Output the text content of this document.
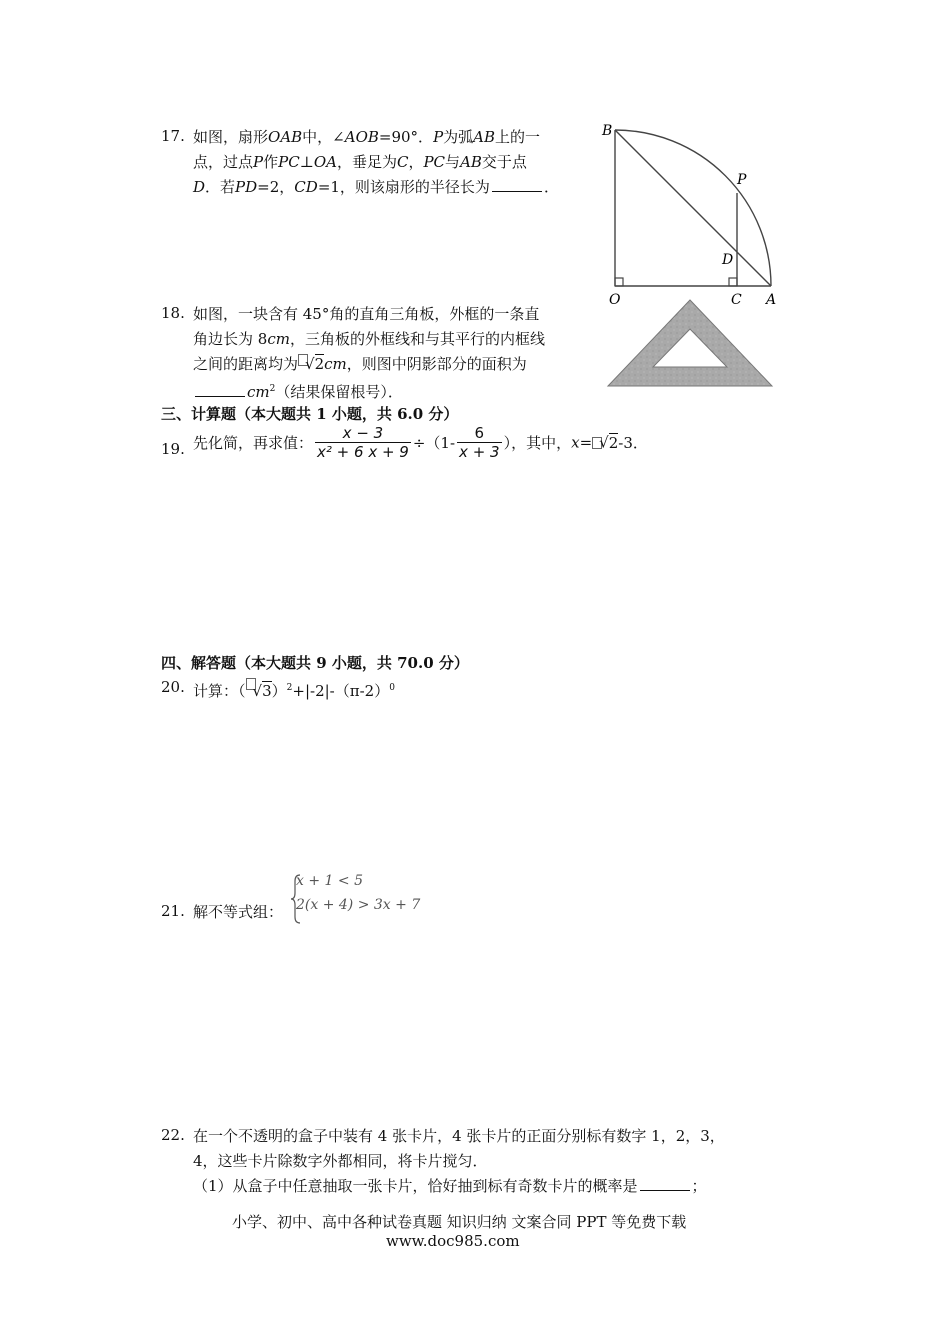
17. 如图，扇形OAB中，∠AOB=90°．P为弧AB上的一
点，过点P作PC⊥OA，垂足为C，PC与AB交于点
D．若PD=2，CD=1，则该扇形的半径长为	．
B
P
D
O	C A
18. 如图，一块含有 45°角的直角三角板，外框的一条直
角边长为 8cm，三角板的外框线和与其平行的内框线
之间的距离均为 √2cm，则图中阴影部分的面积为
$cm^2$（结果保留根号）．
三、计算题（本大题共 1 小题，共 6.0 分）
19. 先化简，再求值： $\frac{x - 3}{\text{x² + 6 x + 9}} \div(1- \frac{6}{x + 3}$ ），其中，x= √2-3．
四、解答题（本大题共 9 小题，共 70.0 分）
20. 计算：（ $√3)^2+|-2|-(\pi-2)^0$
21. 解不等式组：
x + 1 < 5
2(x + 4) > 3x + 7
22. 在一个不透明的盒子中装有 4 张卡片，4 张卡片的正面分别标有数字 1，2，3，
4，这些卡片除数字外都相同，将卡片搅匀．
（1）从盒子中任意抽取一张卡片，恰好抽到标有奇数卡片的概率是	；
小学、初中、高中各种试卷真题 知识归纳 文案合同 PPT 等免费下载
www.doc985.com
